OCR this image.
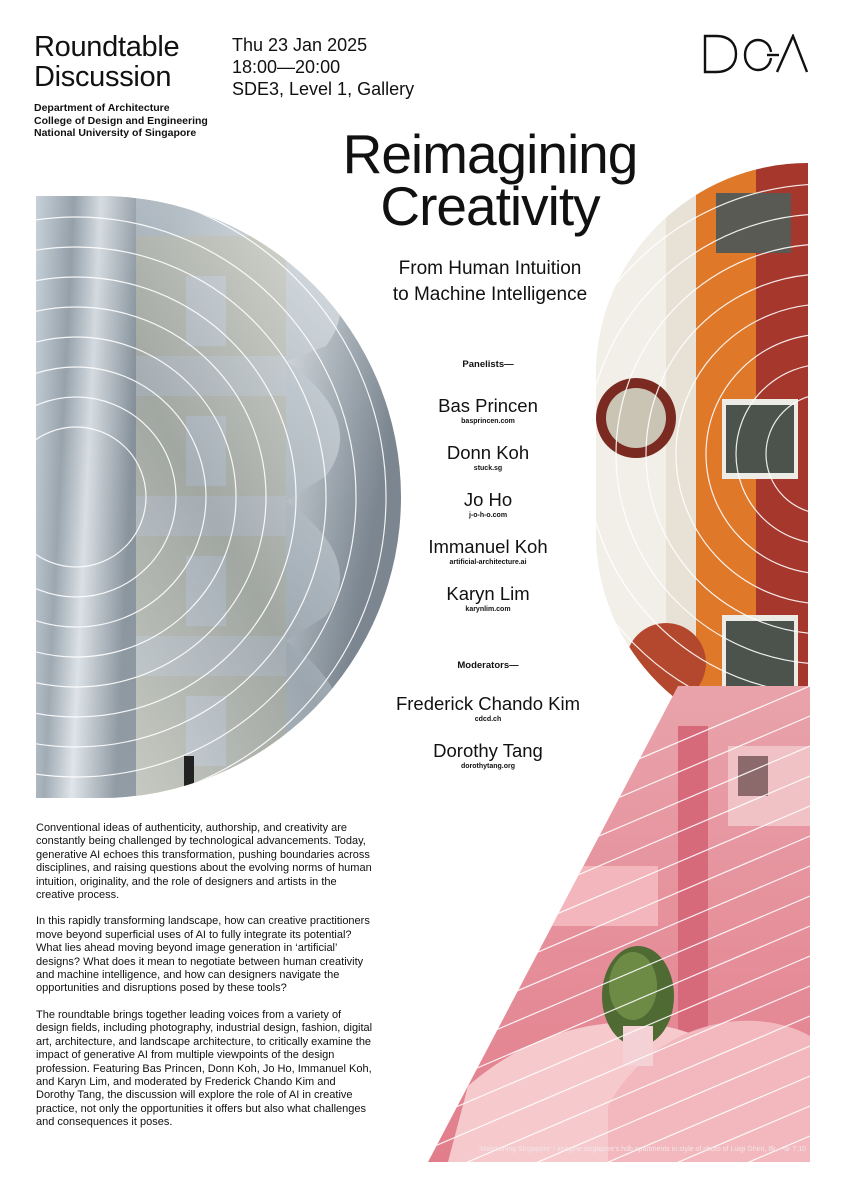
Roundtable
Discussion
Thu 23 Jan 2025
18:00—20:00
SDE3, Level 1, Gallery
Department of Architecture
College of Design and Engineering
National University of Singapore	Reimagining
Creativity
From Human Intuition
to Machine Intelligence
Panelists—
Bas Princen
basprincen.com
Donn Koh
stuck.sg
Jo Ho
j-o-h-o.com
Immanuel Koh
artificial-architecture.ai
Karyn Lim
karynlim.com
Moderators—
Frederick Chando Kim
cdcd.ch
Dorothy Tang
dorothytang.org

Conventional ideas of authenticity, authorship, and creativity are constantly being challenged by technological advancements. Today, generative AI echoes this transformation, pushing boundaries across disciplines, and raising questions about the evolving norms of human intuition, originality, and the role of designers and artists in the creative process.

In this rapidly transforming landscape, how can creative practitioners move beyond superficial uses of AI to fully integrate its potential? What lies ahead moving beyond image generation in ‘artificial’ designs? What does it mean to negotiate between human creativity and machine intelligence, and how can designers navigate the opportunities and disruptions posed by these tools?

The roundtable brings together leading voices from a variety of design fields, including photography, industrial design, fashion, digital art, architecture, and landscape architecture, to critically examine the impact of generative AI from multiple viewpoints of the design profession. Featuring Bas Princen, Donn Koh, Jo Ho, Immanuel Koh, and Karyn Lim, and moderated by Frederick Chando Kim and Dorothy Tang, the discussion will explore the role of AI in creative practice, not only the opportunities it offers but also what challenges and consequences it poses.

‘Maintaining Singapore’ / imagine singapore’s hdb apartments in style of photo of Luigi Ghirri, 8k, --ar 7:10
